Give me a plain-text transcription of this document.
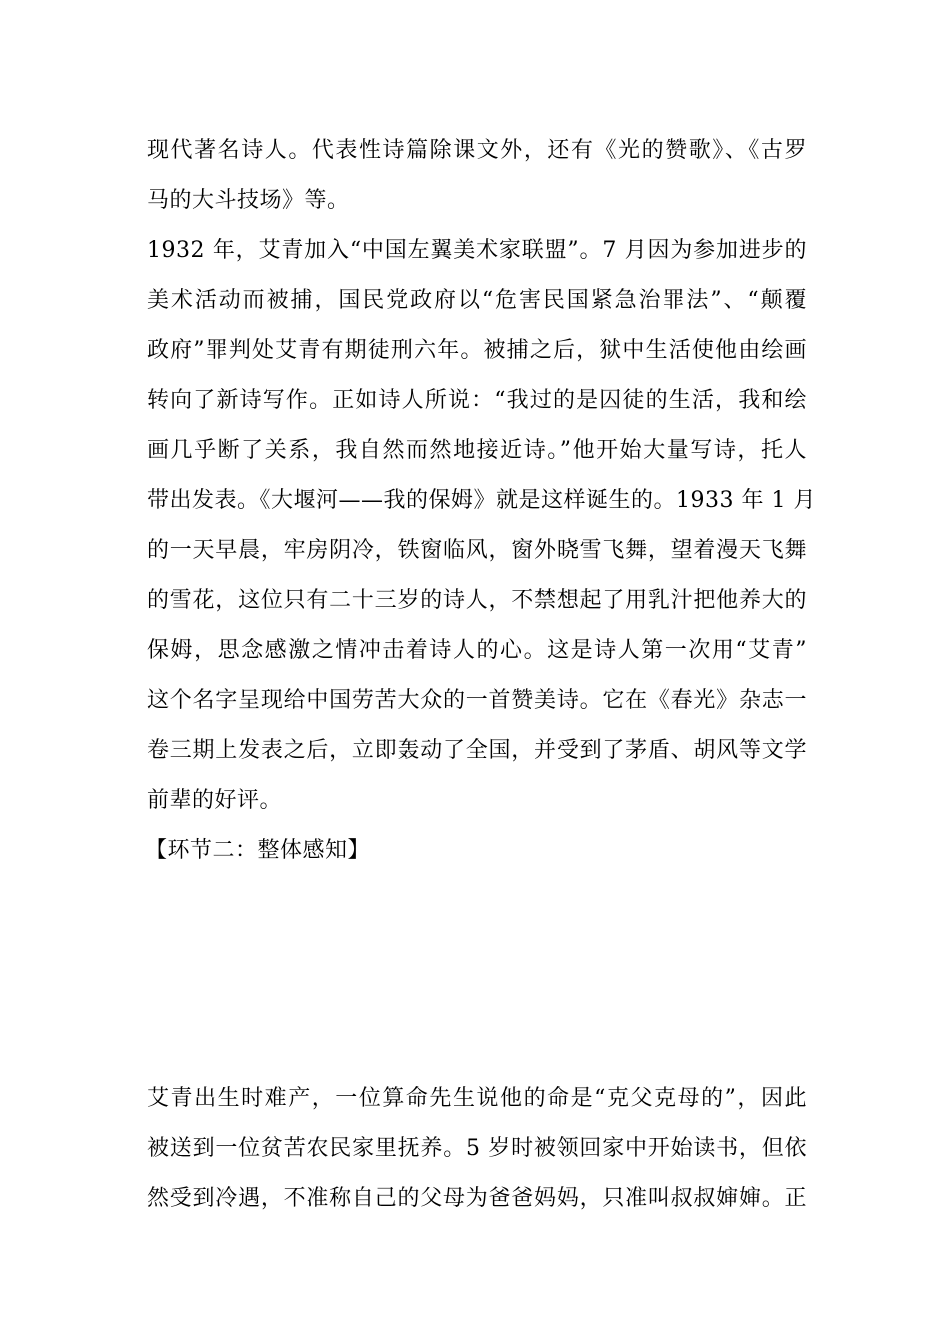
现代著名诗人。代表性诗篇除课文外，还有《光的赞歌》、《古罗
马的大斗技场》等。
1932 年，艾青加入“中国左翼美术家联盟”。7 月因为参加进步的
美术活动而被捕，国民党政府以“危害民国紧急治罪法”、“颠覆
政府”罪判处艾青有期徒刑六年。被捕之后，狱中生活使他由绘画
转向了新诗写作。正如诗人所说：“我过的是囚徒的生活，我和绘
画几乎断了关系，我自然而然地接近诗。”他开始大量写诗，托人
带出发表。《大堰河——我的保姆》就是这样诞生的。1933 年 1 月
的一天早晨，牢房阴冷，铁窗临风，窗外晓雪飞舞，望着漫天飞舞
的雪花，这位只有二十三岁的诗人，不禁想起了用乳汁把他养大的
保姆，思念感激之情冲击着诗人的心。这是诗人第一次用“艾青”
这个名字呈现给中国劳苦大众的一首赞美诗。它在《春光》杂志一
卷三期上发表之后，立即轰动了全国，并受到了茅盾、胡风等文学
前辈的好评。
【环节二：整体感知】
艾青出生时难产，一位算命先生说他的命是“克父克母的”，因此
被送到一位贫苦农民家里抚养。5 岁时被领回家中开始读书，但依
然受到冷遇，不准称自己的父母为爸爸妈妈，只准叫叔叔婶婶。正
